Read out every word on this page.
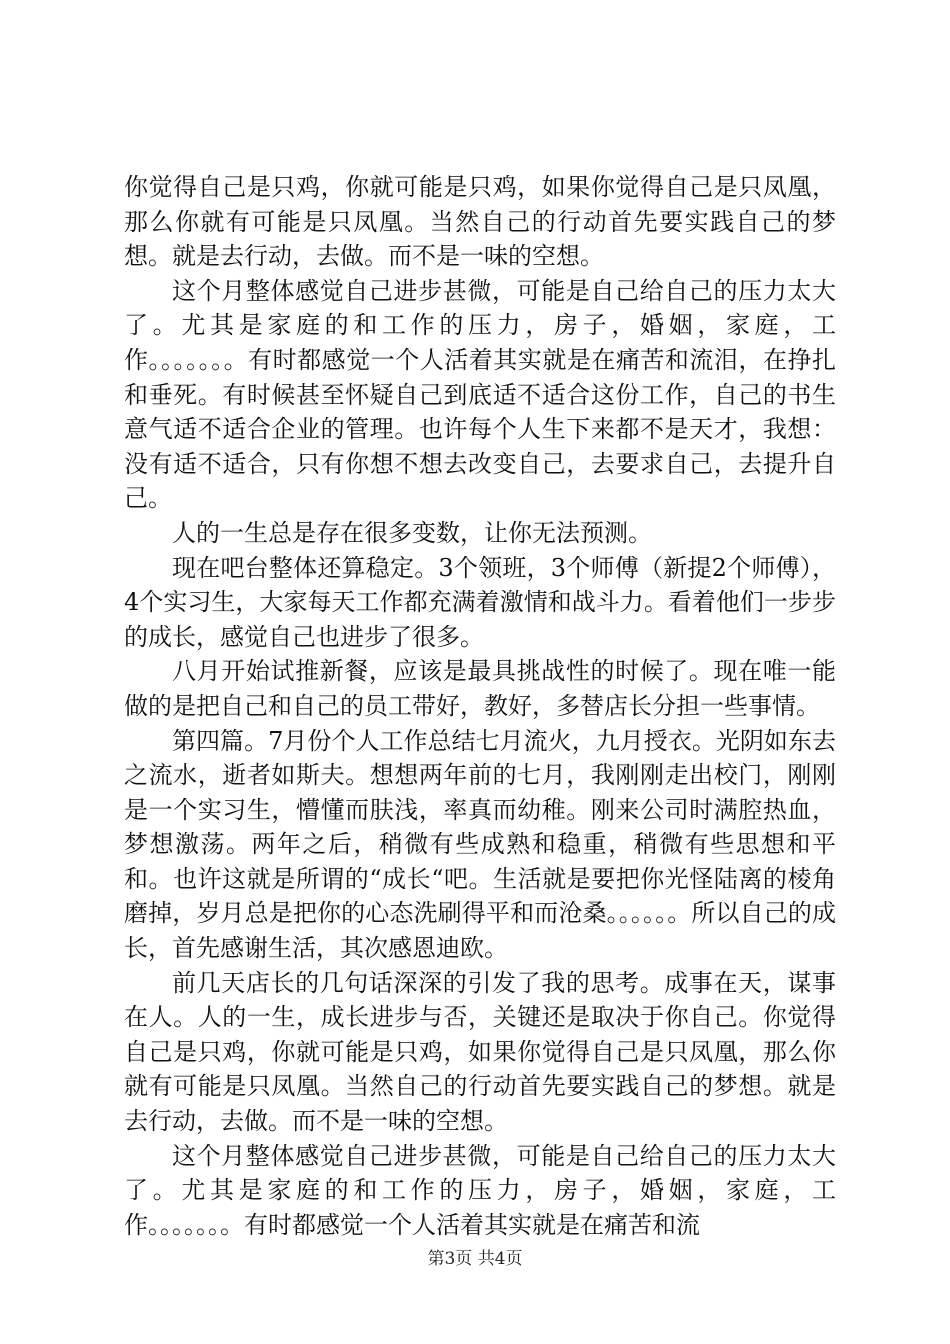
你觉得自己是只鸡，你就可能是只鸡，如果你觉得自己是只凤凰，那么你就有可能是只凤凰。当然自己的行动首先要实践自己的梦想。就是去行动，去做。而不是一味的空想。

这个月整体感觉自己进步甚微，可能是自己给自己的压力太大了。尤其是家庭的和工作的压力，房子，婚姻，家庭，工作。。。。。。。有时都感觉一个人活着其实就是在痛苦和流泪，在挣扎和垂死。有时候甚至怀疑自己到底适不适合这份工作，自己的书生意气适不适合企业的管理。也许每个人生下来都不是天才，我想：没有适不适合，只有你想不想去改变自己，去要求自己，去提升自己。

人的一生总是存在很多变数，让你无法预测。

现在吧台整体还算稳定。3个领班，3个师傅（新提2个师傅），4个实习生，大家每天工作都充满着激情和战斗力。看着他们一步步的成长，感觉自己也进步了很多。

八月开始试推新餐，应该是最具挑战性的时候了。现在唯一能做的是把自己和自己的员工带好，教好，多替店长分担一些事情。

第四篇。7月份个人工作总结七月流火，九月授衣。光阴如东去之流水，逝者如斯夫。想想两年前的七月，我刚刚走出校门，刚刚是一个实习生，懵懂而肤浅，率真而幼稚。刚来公司时满腔热血，梦想激荡。两年之后，稍微有些成熟和稳重，稍微有些思想和平和。也许这就是所谓的“成长“吧。生活就是要把你光怪陆离的棱角磨掉，岁月总是把你的心态洗刷得平和而沧桑。。。。。。所以自己的成长，首先感谢生活，其次感恩迪欧。

前几天店长的几句话深深的引发了我的思考。成事在天，谋事在人。人的一生，成长进步与否，关键还是取决于你自己。你觉得自己是只鸡，你就可能是只鸡，如果你觉得自己是只凤凰，那么你就有可能是只凤凰。当然自己的行动首先要实践自己的梦想。就是去行动，去做。而不是一味的空想。

这个月整体感觉自己进步甚微，可能是自己给自己的压力太大了。尤其是家庭的和工作的压力，房子，婚姻，家庭，工作。。。。。。。有时都感觉一个人活着其实就是在痛苦和流

第3页 共4页
